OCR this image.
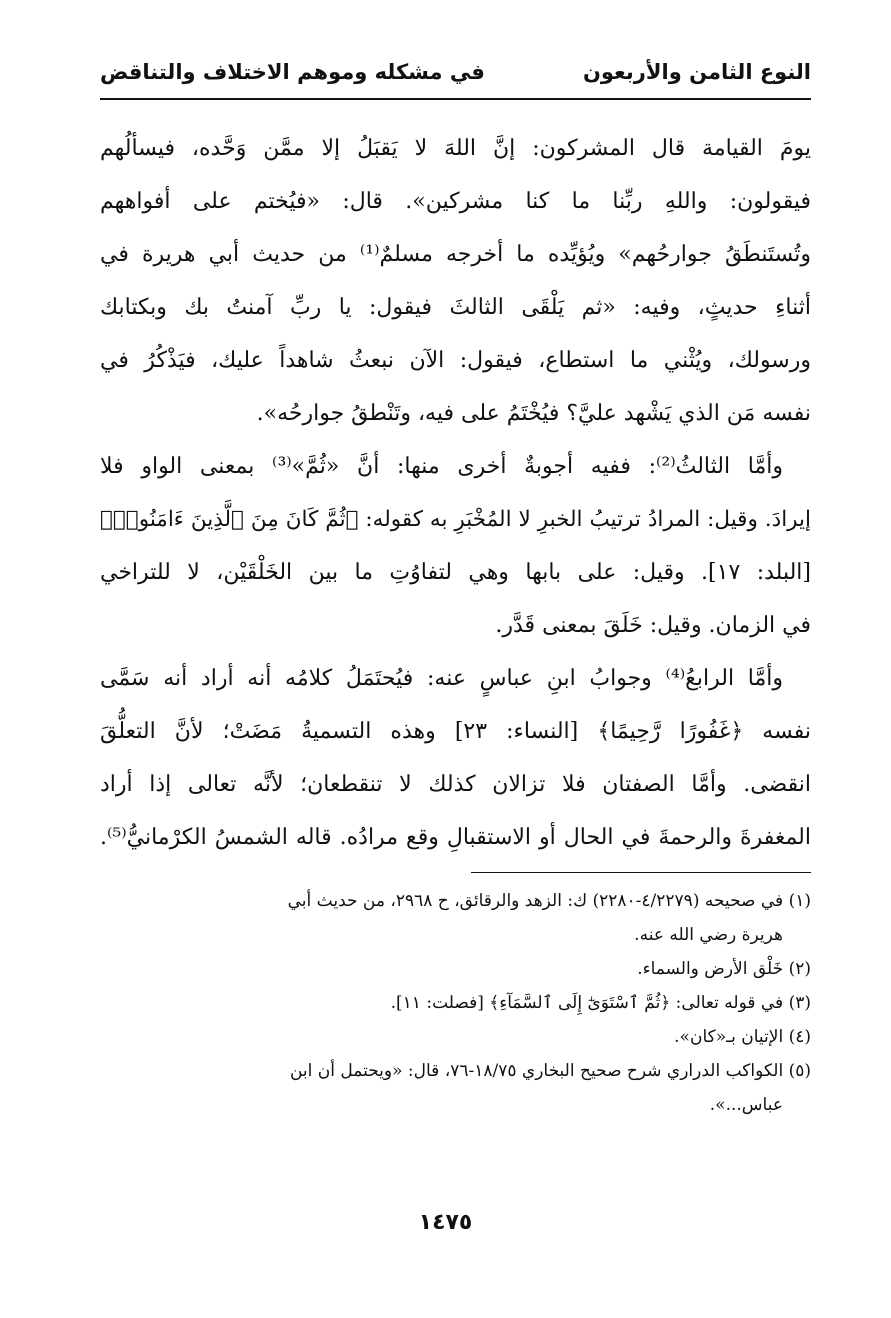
النوع الثامن والأربعون
في مشكله وموهم الاختلاف والتناقض
يومَ القيامة قال المشركون: إنَّ اللهَ لا يَقبَلُ إلا ممَّن وَحَّده، فيسألُهم
فيقولون: واللهِ ربِّنا ما كنا مشركين». قال: «فيُختم على أفواههم
وتُستَنطَقُ جوارحُهم» ويُؤيِّده ما أخرجه مسلمٌ⁽¹⁾ من حديث أبي هريرة في
أثناءِ حديثٍ، وفيه: «ثم يَلْقَى الثالثَ فيقول: يا ربِّ آمنتُ بك وبكتابك
ورسولك، ويُثْني ما استطاع، فيقول: الآن نبعثُ شاهداً عليك، فيَذْكُرُ في
نفسه مَن الذي يَشْهد عليَّ؟ فيُخْتَمُ على فيه، وتَنْطقُ جوارحُه».
وأمَّا الثالثُ⁽²⁾: ففيه أجوبةٌ أخرى منها: أنَّ «ثُمَّ»⁽³⁾ بمعنى الواو فلا
إيرادَ. وقيل: المرادُ ترتيبُ الخبرِ لا المُخْبَرِ به كقوله: ﴿ثُمَّ كَانَ مِنَ ٱلَّذِينَ ءَامَنُوا۟﴾
[البلد: ١٧]. وقيل: على بابها وهي لتفاوُتِ ما بين الخَلْقَيْن، لا للتراخي
في الزمان. وقيل: خَلَقَ بمعنى قَدَّر.
وأمَّا الرابعُ⁽⁴⁾ وجوابُ ابنِ عباسٍ عنه: فيُحتَمَلُ كلامُه أنه أراد أنه سَمَّى
نفسه ﴿غَفُورًا رَّحِيمًا﴾ [النساء: ٢٣] وهذه التسميةُ مَضَتْ؛ لأنَّ التعلُّقَ
انقضى. وأمَّا الصفتان فلا تزالان كذلك لا تنقطعان؛ لأنَّه تعالى إذا أراد
المغفرةَ والرحمةَ في الحال أو الاستقبالِ وقع مرادُه. قاله الشمسُ الكرْمانيُّ⁽⁵⁾.

(١) في صحيحه (٤/٢٢٧٩-٢٢٨٠) ك: الزهد والرقائق، ح ٢٩٦٨، من حديث أبي

هريرة رضي الله عنه.

(٢) خَلْق الأرض والسماء.

(٣) في قوله تعالى: ﴿ثُمَّ ٱسْتَوَىٰٓ إِلَى ٱلسَّمَآءِ﴾ [فصلت: ١١].

(٤) الإتيان بـ«كان».

(٥) الكواكب الدراري شرح صحيح البخاري ١٨/٧٥-٧٦، قال: «ويحتمل أن ابن

عباس...».

١٤٧٥
